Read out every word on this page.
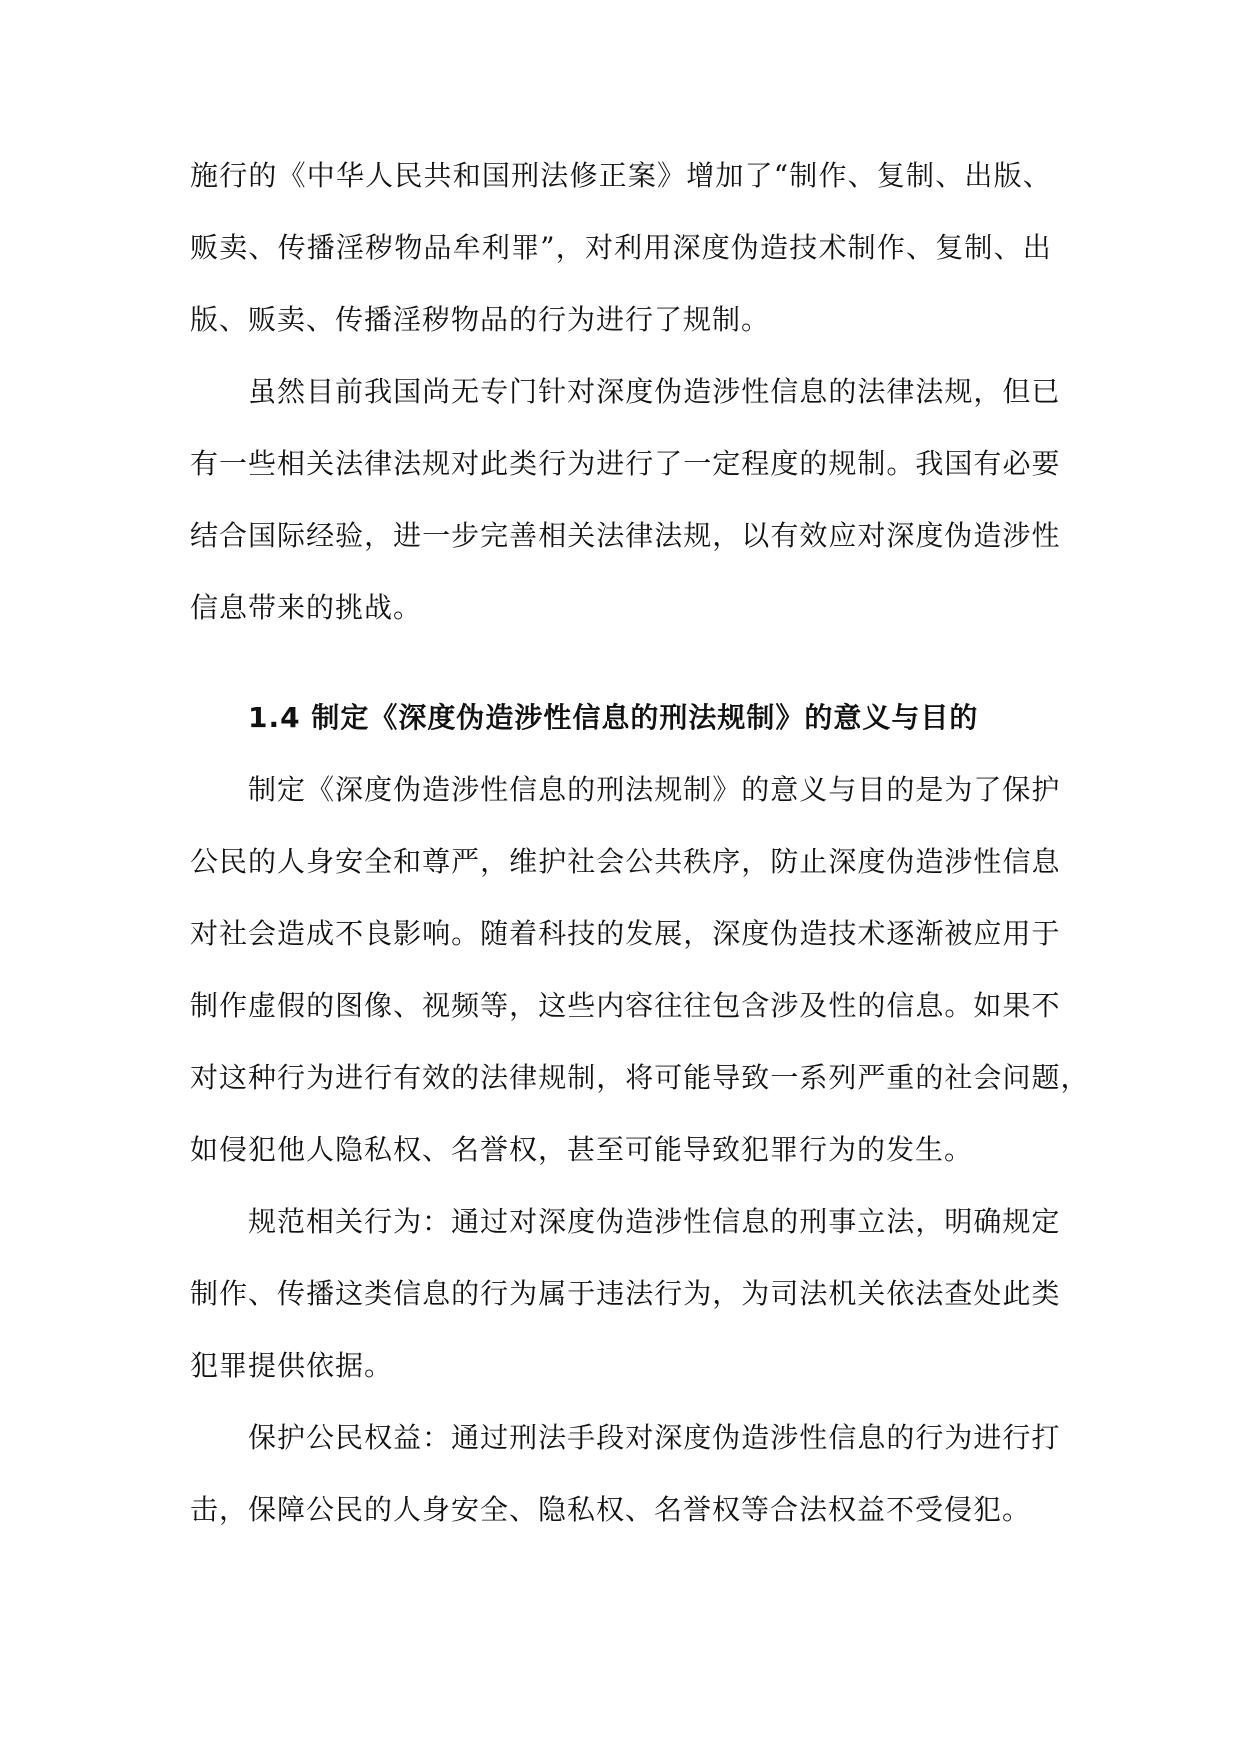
施 行 的 《 中 华 人 民 共 和 国 刑 法 修 正 案 》 增 加 了 “ 制 作 、 复 制 、 出 版 、
贩 卖 、 传 播 淫 秽 物 品 牟 利 罪 ” ， 对 利 用 深 度 伪 造 技 术 制 作 、 复 制 、 出
版、贩卖、传播淫秽物品的行为进行了规制。
虽 然 目 前 我 国 尚 无 专 门 针 对 深 度 伪 造 涉 性 信 息 的 法 律 法 规 ， 但 已
有 一 些 相 关 法 律 法 规 对 此 类 行 为 进 行 了 一 定 程 度 的 规 制 。 我 国 有 必 要
结 合 国 际 经 验 ， 进 一 步 完 善 相 关 法 律 法 规 ， 以 有 效 应 对 深 度 伪 造 涉 性
信息带来的挑战。
1.4 制定《深度伪造涉性信息的刑法规制》的意义与目的
制 定 《 深 度 伪 造 涉 性 信 息 的 刑 法 规 制 》 的 意 义 与 目 的 是 为 了 保 护
公 民 的 人 身 安 全 和 尊 严 ， 维 护 社 会 公 共 秩 序 ， 防 止 深 度 伪 造 涉 性 信 息
对 社 会 造 成 不 良 影 响 。 随 着 科 技 的 发 展 ， 深 度 伪 造 技 术 逐 渐 被 应 用 于
制 作 虚 假 的 图 像 、 视 频 等 ， 这 些 内 容 往 往 包 含 涉 及 性 的 信 息 。 如 果 不
对 这 种 行 为 进 行 有 效 的 法 律 规 制 ， 将 可 能 导 致 一 系 列 严 重 的 社 会 问 题 ，
如侵犯他人隐私权、名誉权，甚至可能导致犯罪行为的发生。
规 范 相 关 行 为 ： 通 过 对 深 度 伪 造 涉 性 信 息 的 刑 事 立 法 ， 明 确 规 定
制 作 、 传 播 这 类 信 息 的 行 为 属 于 违 法 行 为 ， 为 司 法 机 关 依 法 查 处 此 类
犯罪提供依据。
保 护 公 民 权 益 ： 通 过 刑 法 手 段 对 深 度 伪 造 涉 性 信 息 的 行 为 进 行 打
击，保障公民的人身安全、隐私权、名誉权等合法权益不受侵犯。
